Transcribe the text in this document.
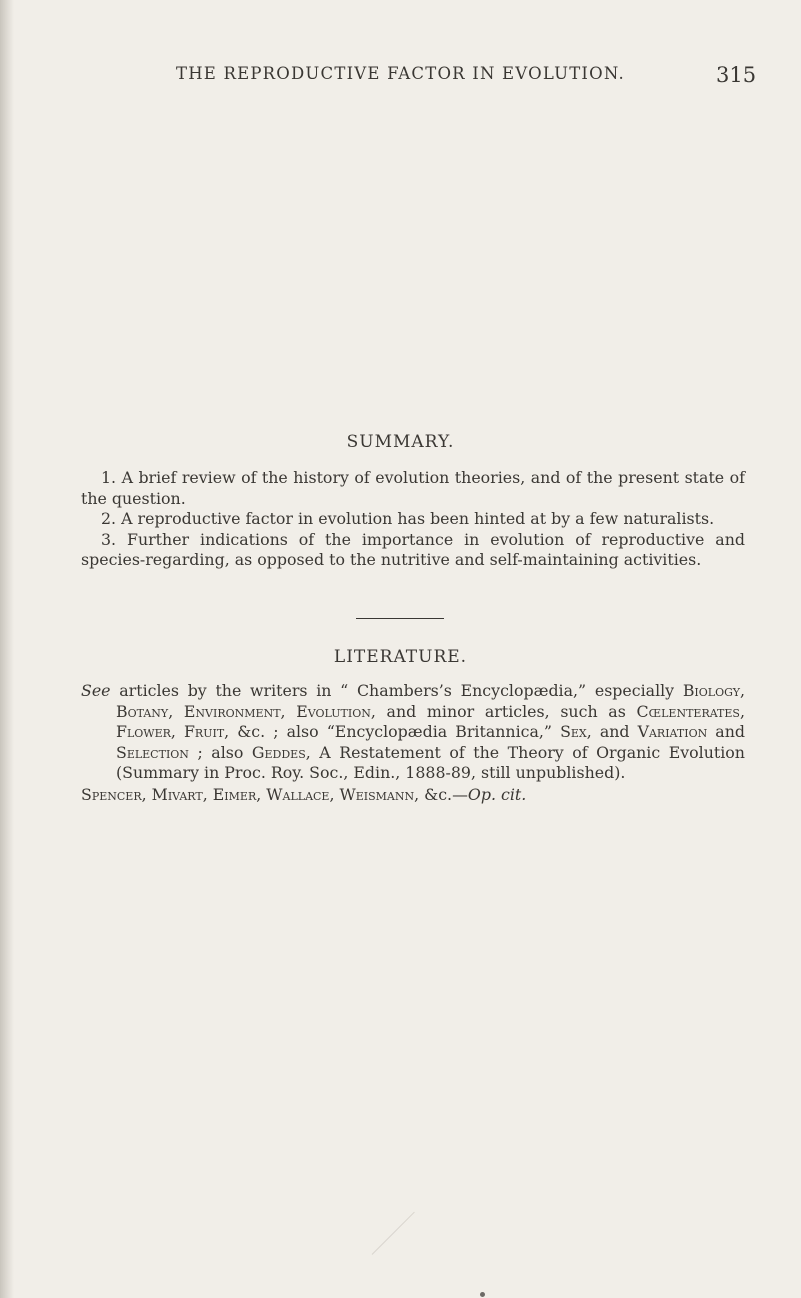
THE REPRODUCTIVE FACTOR IN EVOLUTION.	315
SUMMARY.

1. A brief review of the history of evolution theories, and of the present state of the question.

2. A reproductive factor in evolution has been hinted at by a few naturalists.

3. Further indications of the importance in evolution of reproductive and species-regarding, as opposed to the nutritive and self-maintaining activities.

LITERATURE.
See articles by the writers in “ Chambers’s Encyclopædia,” especially Biology, Botany, Environment, Evolution, and minor articles, such as Cœlenterates, Flower, Fruit, &c. ; also “Encyclopædia Britannica,” Sex, and Variation and Selection ; also Geddes, A Restatement of the Theory of Organic Evolution (Summary in Proc. Roy. Soc., Edin., 1888-89, still unpublished).
Spencer, Mivart, Eimer, Wallace, Weismann, &c.—Op. cit.
